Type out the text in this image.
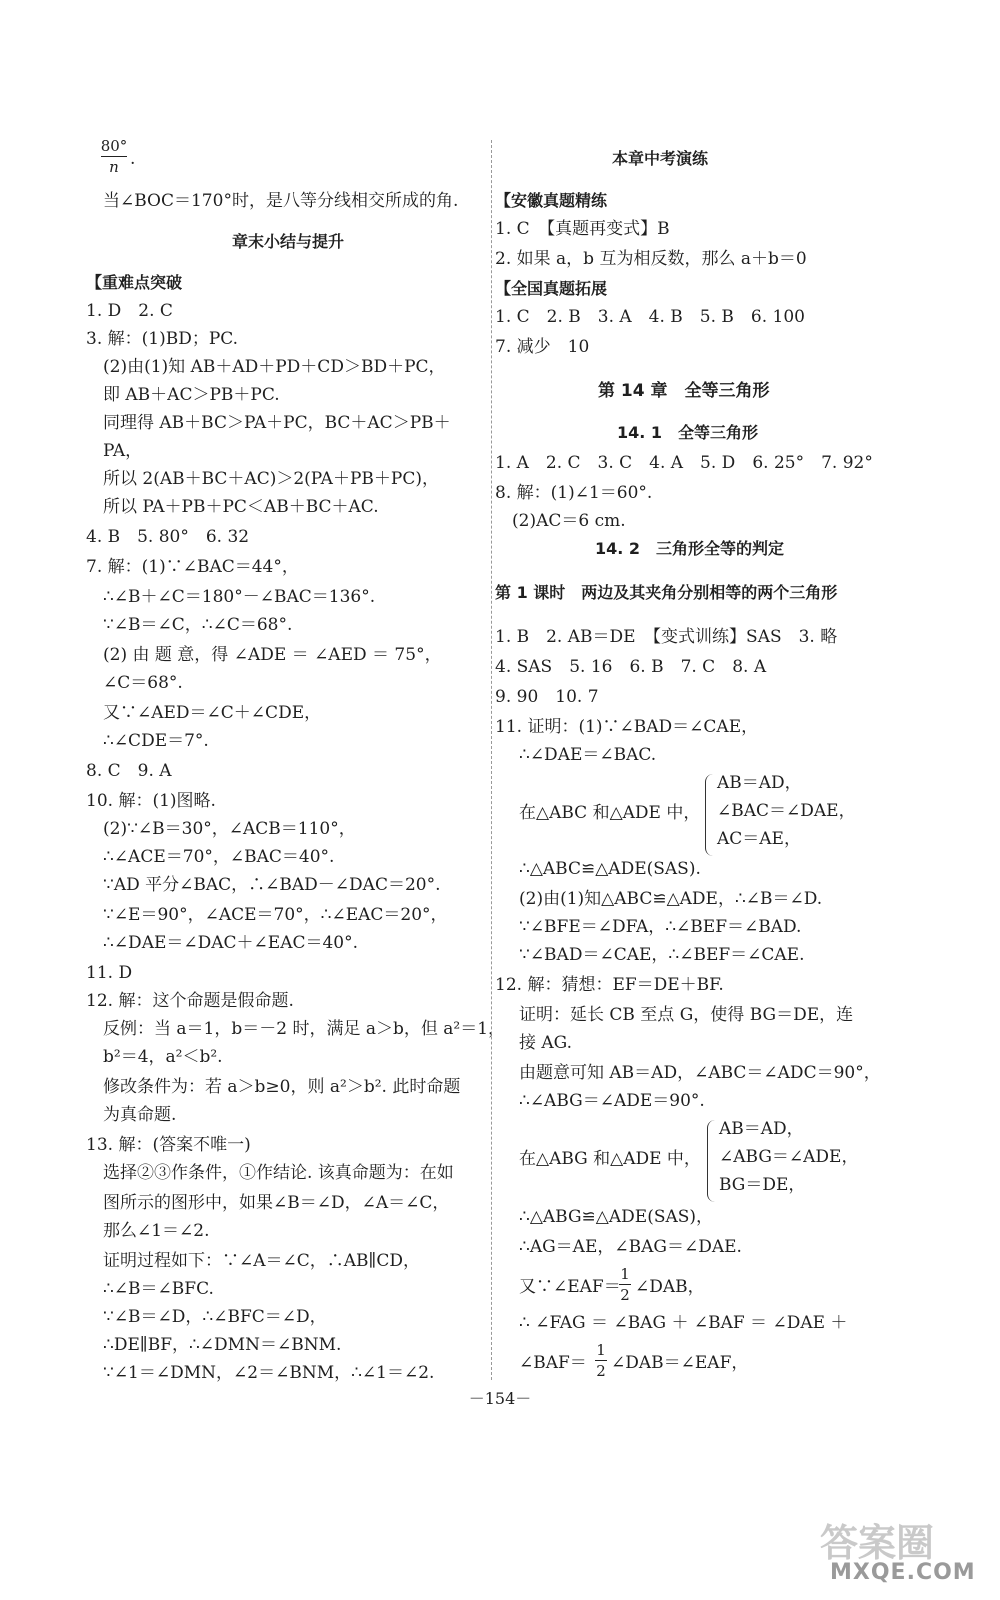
80°
n .
当∠BOC＝170°时，是八等分线相交所成的角.
章末小结与提升
【重难点突破
1. D　2. C
3. 解：(1)BD；PC.
(2)由(1)知 AB＋AD＋PD＋CD＞BD＋PC，
即 AB＋AC＞PB＋PC.
同理得 AB＋BC＞PA＋PC，BC＋AC＞PB＋
PA，
所以 2(AB＋BC＋AC)＞2(PA＋PB＋PC)，
所以 PA＋PB＋PC＜AB＋BC＋AC.
4. B　5. 80°　6. 32
7. 解：(1)∵∠BAC＝44°，
∴∠B＋∠C＝180°－∠BAC＝136°.
∵∠B＝∠C，∴∠C＝68°.
(2) 由 题 意，得 ∠ADE ＝ ∠AED ＝ 75°，
∠C＝68°.
又∵∠AED＝∠C＋∠CDE，
∴∠CDE＝7°.
8. C　9. A
10. 解：(1)图略.
(2)∵∠B＝30°，∠ACB＝110°，
∴∠ACE＝70°，∠BAC＝40°.
∵AD 平分∠BAC，∴∠BAD－∠DAC＝20°.
∵∠E＝90°，∠ACE＝70°，∴∠EAC＝20°，
∴∠DAE＝∠DAC＋∠EAC＝40°.
11. D
12. 解：这个命题是假命题.
反例：当 a＝1，b＝－2 时，满足 a＞b，但 a²＝1，
b²＝4，a²＜b².
修改条件为：若 a＞b≥0，则 a²＞b². 此时命题
为真命题.
13. 解：(答案不唯一)
选择②③作条件，①作结论. 该真命题为：在如
图所示的图形中，如果∠B＝∠D，∠A＝∠C，
那么∠1＝∠2.
证明过程如下：∵∠A＝∠C，∴AB∥CD，
∴∠B＝∠BFC.
∵∠B＝∠D，∴∠BFC＝∠D，
∴DE∥BF，∴∠DMN＝∠BNM.
∵∠1＝∠DMN，∠2＝∠BNM，∴∠1＝∠2.
本章中考演练
【安徽真题精练
1. C　【真题再变式】B
2. 如果 a，b 互为相反数，那么 a＋b＝0
【全国真题拓展
1. C　2. B　3. A　4. B　5. B　6. 100
7. 减少　10
第 14 章　全等三角形
14. 1　全等三角形
1. A　2. C　3. C　4. A　5. D　6. 25°　7. 92°
8. 解：(1)∠1＝60°.
(2)AC＝6 cm.
14. 2　三角形全等的判定
第 1 课时　两边及其夹角分别相等的两个三角形
1. B　2. AB＝DE　【变式训练】SAS　3. 略
4. SAS　5. 16　6. B　7. C　8. A
9. 90　10. 7
11. 证明：(1)∵∠BAD＝∠CAE，
∴∠DAE＝∠BAC.
在△ABC 和△ADE 中，
AB＝AD，
∠BAC＝∠DAE，
AC＝AE，
∴△ABC≌△ADE(SAS).
(2)由(1)知△ABC≌△ADE，∴∠B＝∠D.
∵∠BFE＝∠DFA，∴∠BEF＝∠BAD.
∵∠BAD＝∠CAE，∴∠BEF＝∠CAE.
12. 解：猜想：EF＝DE＋BF.
证明：延长 CB 至点 G，使得 BG＝DE，连
接 AG.
由题意可知 AB＝AD，∠ABC＝∠ADC＝90°，
∴∠ABG＝∠ADE＝90°.
在△ABG 和△ADE 中，
AB＝AD，
∠ABG＝∠ADE，
BG＝DE，
∴△ABG≌△ADE(SAS)，
∴AG＝AE，∠BAG＝∠DAE.
又∵∠EAF＝
1
2 ∠DAB，
∴ ∠FAG ＝ ∠BAG ＋ ∠BAF ＝ ∠DAE ＋
∠BAF＝
1
2 ∠DAB＝∠EAF，
－154－
答案圈
MXQE.COM
